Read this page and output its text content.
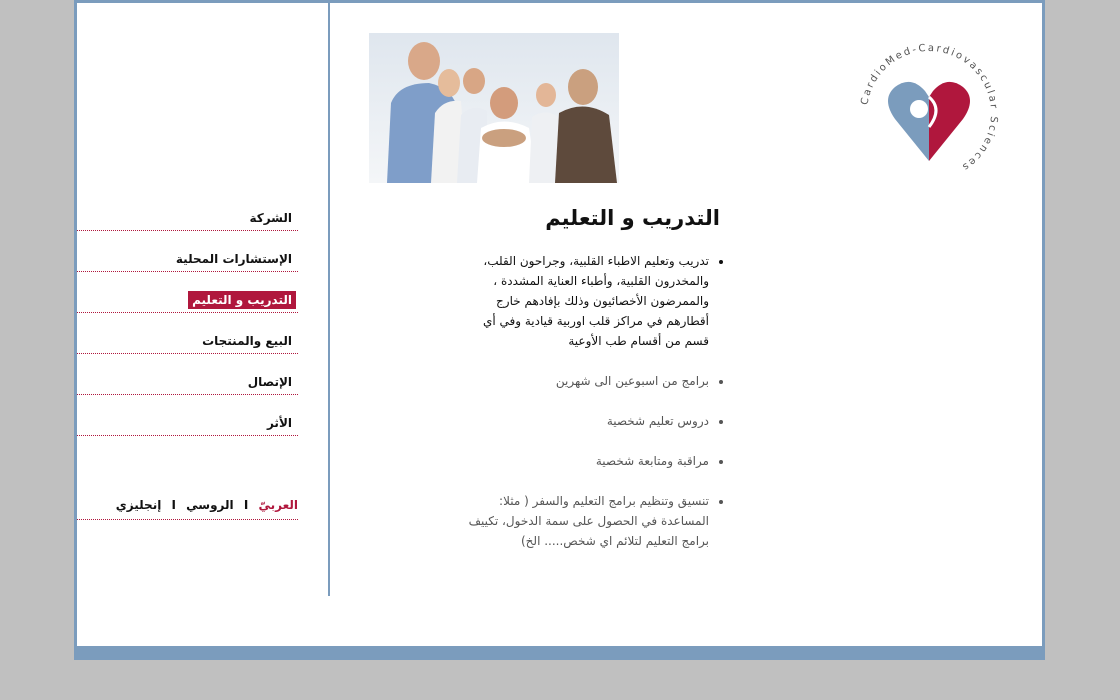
الشركة
الإستشارات المحلية
التدريب و التعليم
البيع والمنتجات
الإتصال
الأثر
العربيّ I الروسي I إنجليزي
CardioMed-Cardiovascular Sciences
التدريب و التعليم
• تدريب وتعليم الاطباء القلبية، وجراحون القلب، والمخدرون القلبية، وأطباء العناية المشددة ، والممرضون الأخصائيون وذلك بإفادهم خارج أقطارهم في مراكز قلب اوربية قيادية وفي أي قسم من أقسام طب الأوعية
• برامج من اسبوعين الى شهرين
• دروس تعليم شخصية
• مراقبة ومتابعة شخصية
• تنسيق وتنظيم برامج التعليم والسفر ( مثلا: المساعدة في الحصول على سمة الدخول، تكييف برامج التعليم لتلائم اي شخص..... الخ)
